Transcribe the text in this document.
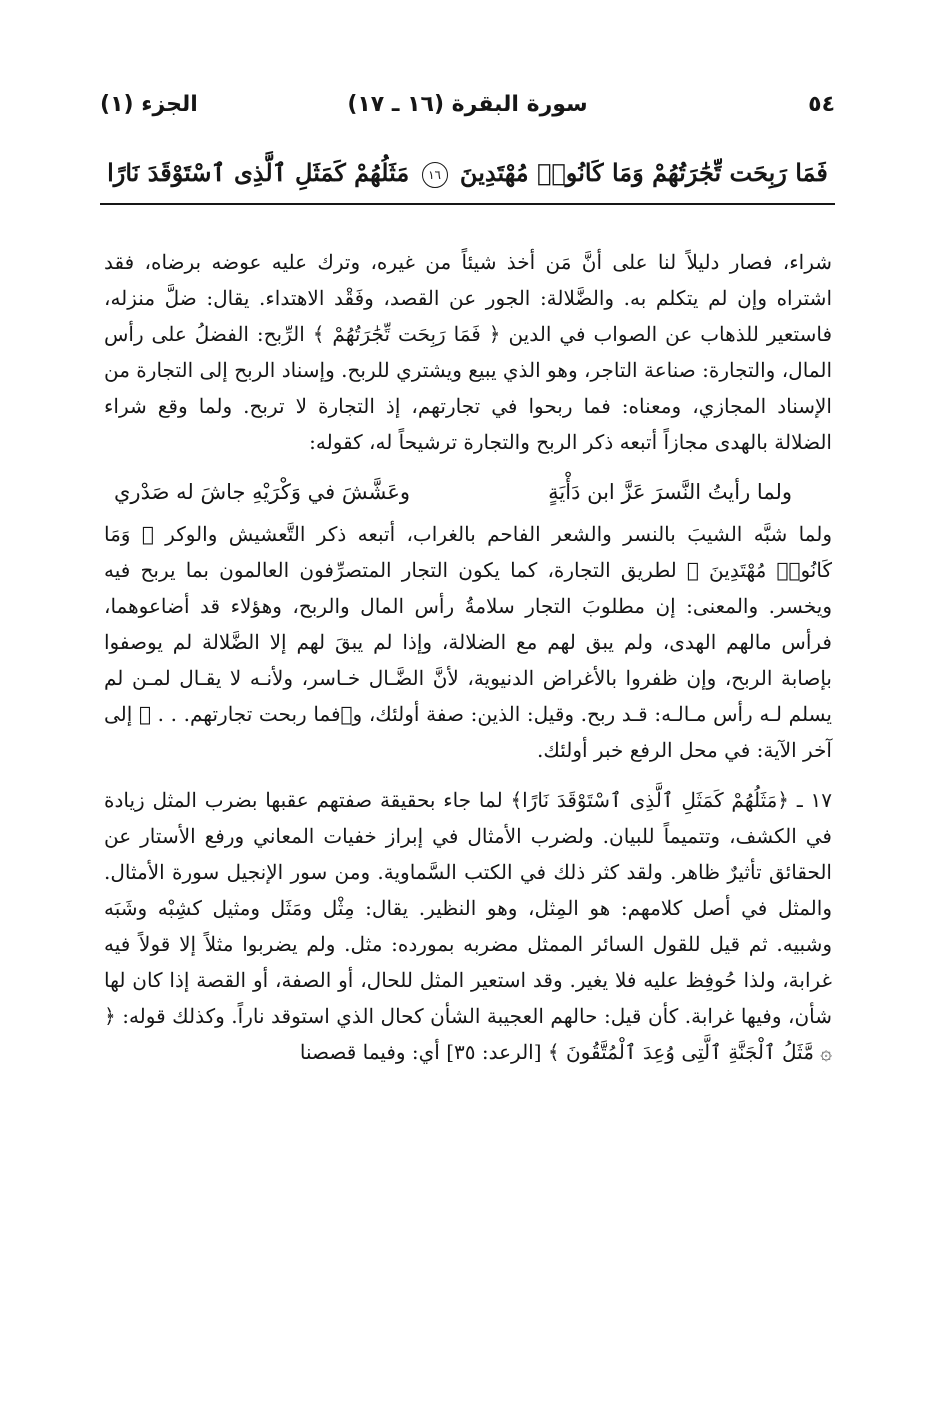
٥٤
سورة البقرة (١٦ ـ ١٧)
الجزء (١)
فَمَا رَبِحَت تِّجَٰرَتُهُمْ وَمَا كَانُوا۟ مُهْتَدِينَ ١٦ مَثَلُهُمْ كَمَثَلِ ٱلَّذِى ٱسْتَوْقَدَ نَارًا

شراء، فصار دليلاً لنا على أنَّ مَن أخذ شيئاً من غيره، وترك عليه عوضه برضاه، فقد اشتراه وإن لم يتكلم به. والضَّلالة: الجور عن القصد، وفَقْد الاهتداء. يقال: ضلَّ منزله، فاستعير للذهاب عن الصواب في الدين ﴿ فَمَا رَبِحَت تِّجَٰرَتُهُمْ ﴾ الرِّبح: الفضلُ على رأس المال، والتجارة: صناعة التاجر، وهو الذي يبيع ويشتري للربح. وإسناد الربح إلى التجارة من الإسناد المجازي، ومعناه: فما ربحوا في تجارتهم، إذ التجارة لا تربح. ولما وقع شراء الضلالة بالهدى مجازاً أتبعه ذكر الربح والتجارة ترشيحاً له، كقوله:

ولما رأيتُ النَّسرَ عَزَّ ابن دَأْيَةٍ
وعَشَّشَ في وَكْرَيْهِ جاشَ له صَدْري

ولما شبَّه الشيبَ بالنسر والشعر الفاحم بالغراب، أتبعه ذكر التَّعشيش والوكر ﴿ وَمَا كَانُوا۟ مُهْتَدِينَ ﴾ لطريق التجارة، كما يكون التجار المتصرِّفون العالمون بما يربح فيه ويخسر. والمعنى: إن مطلوبَ التجار سلامةُ رأس المال والربح، وهؤلاء قد أضاعوهما، فرأس مالهم الهدى، ولم يبق لهم مع الضلالة، وإذا لم يبقَ لهم إلا الضَّلالة لم يوصفوا بإصابة الربح، وإن ظفروا بالأغراض الدنيوية، لأنَّ الضَّـال خـاسر، ولأنـه لا يقـال لمـن لم يسلم لـه رأس مـالـه: قـد ربح. وقيل: الذين: صفة أولئك، و﴿فما ربحت تجارتهم. . . ﴾ إلى آخر الآية: في محل الرفع خبر أولئك.

١٧ ـ ﴿مَثَلُهُمْ كَمَثَلِ ٱلَّذِى ٱسْتَوْقَدَ نَارًا﴾ لما جاء بحقيقة صفتهم عقبها بضرب المثل زيادة في الكشف، وتتميماً للبيان. ولضرب الأمثال في إبراز خفيات المعاني ورفع الأستار عن الحقائق تأثيرٌ ظاهر. ولقد كثر ذلك في الكتب السَّماوية. ومن سور الإنجيل سورة الأمثال. والمثل في أصل كلامهم: هو المِثل، وهو النظير. يقال: مِثْل ومَثَل ومثيل كشِبْه وشَبَه وشبيه. ثم قيل للقول السائر الممثل مضربه بمورده: مثل. ولم يضربوا مثلاً إلا قولاً فيه غرابة، ولذا حُوفِظ عليه فلا يغير. وقد استعير المثل للحال، أو الصفة، أو القصة إذا كان لها شأن، وفيها غرابة. كأن قيل: حالهم العجيبة الشأن كحال الذي استوقد ناراً. وكذلك قوله: ﴿ ۞ مَّثَلُ ٱلْجَنَّةِ ٱلَّتِى وُعِدَ ٱلْمُتَّقُونَ ﴾ [الرعد: ٣٥] أي: وفيما قصصنا
